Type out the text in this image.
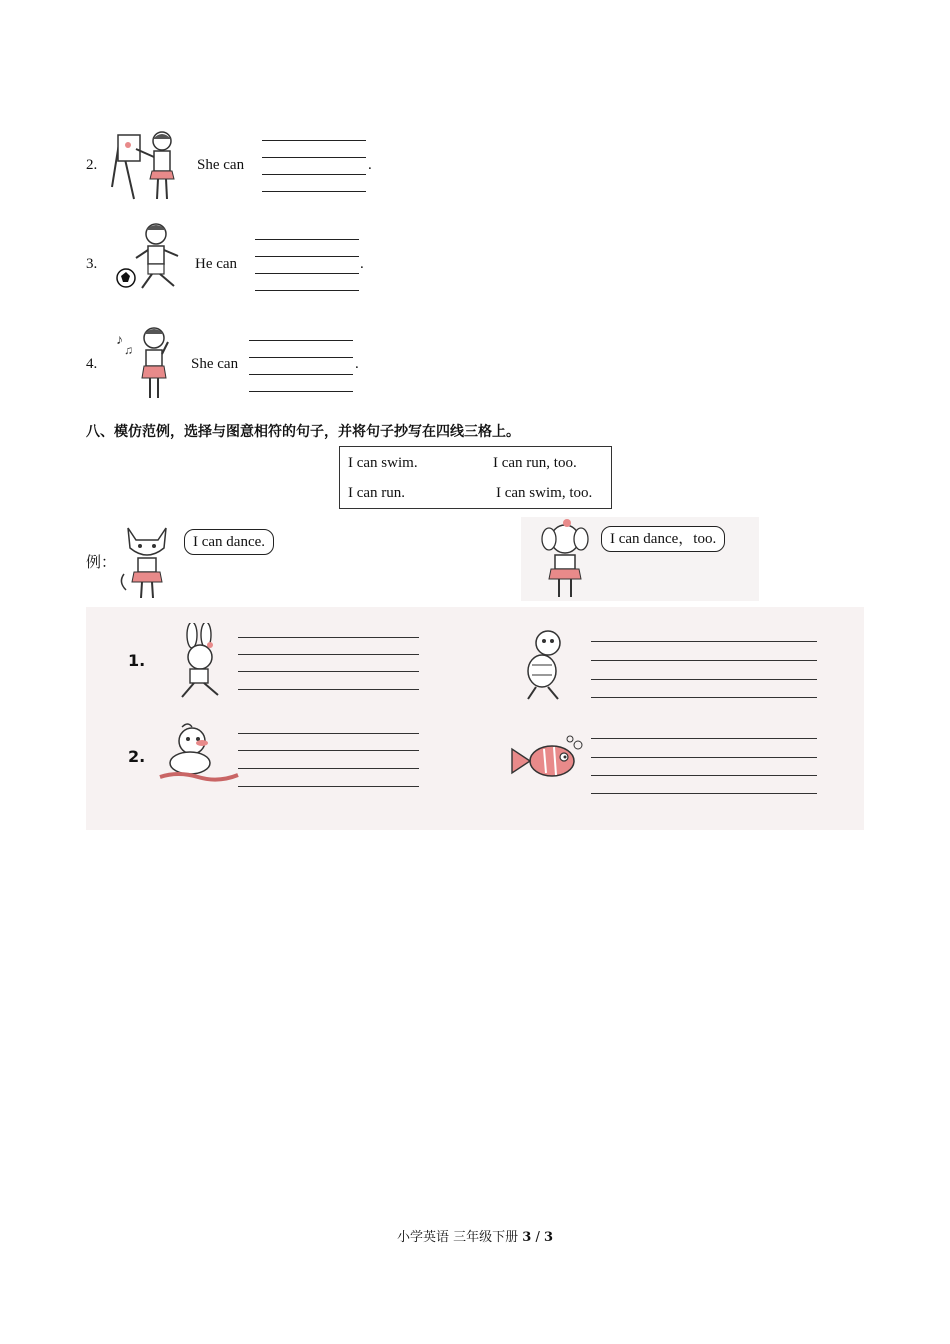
2.	She can	.
3.	He can	.
4.
♪
♫
She can	.
八、模仿范例，选择与图意相符的句子，并将句子抄写在四线三格上。
I can swim.	I can run, too.
I can run.	I can swim, too.
例：
I can dance.	I can dance，too.
1.
2.
小学英语 三年级下册 3 / 3
